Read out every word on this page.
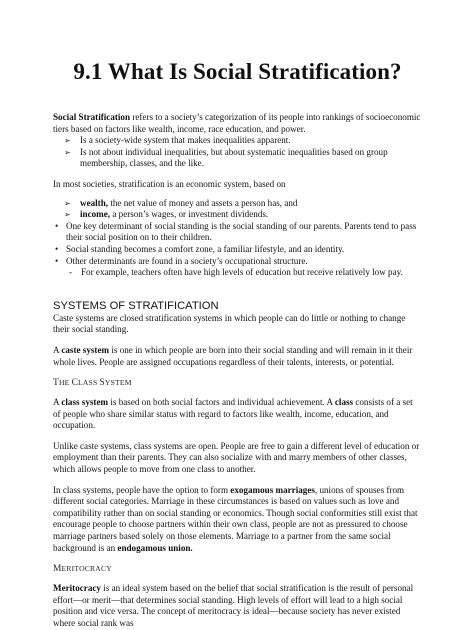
9.1 What Is Social Stratification?

Social Stratification refers to a society’s categorization of its people into rankings of socioeconomic tiers based on factors like wealth, income, race education, and power.

➢ Is a society-wide system that makes inequalities apparent.
➢ Is not about individual inequalities, but about systematic inequalities based on group membership, classes, and the like.

In most societies, stratification is an economic system, based on

➢ wealth, the net value of money and assets a person has, and
➢ income, a person’s wages, or investment dividends.
• One key determinant of social standing is the social standing of our parents. Parents tend to pass their social position on to their children.
• Social standing becomes a comfort zone, a familiar lifestyle, and an identity.
• Other determinants are found in a society’s occupational structure.
- For example, teachers often have high levels of education but receive relatively low pay.
SYSTEMS OF STRATIFICATION

Caste systems are closed stratification systems in which people can do little or nothing to change their social standing.

A caste system is one in which people are born into their social standing and will remain in it their whole lives. People are assigned occupations regardless of their talents, interests, or potential.

THE CLASS SYSTEM

A class system is based on both social factors and individual achievement. A class consists of a set of people who share similar status with regard to factors like wealth, income, education, and occupation.

Unlike caste systems, class systems are open. People are free to gain a different level of education or employment than their parents. They can also socialize with and marry members of other classes, which allows people to move from one class to another.

In class systems, people have the option to form exogamous marriages, unions of spouses from different social categories. Marriage in these circumstances is based on values such as love and compatibility rather than on social standing or economics. Though social conformities still exist that encourage people to choose partners within their own class, people are not as pressured to choose marriage partners based solely on those elements. Marriage to a partner from the same social background is an endogamous union.

MERITOCRACY

Meritocracy is an ideal system based on the belief that social stratification is the result of personal effort—or merit—that determines social standing. High levels of effort will lead to a high social position and vice versa. The concept of meritocracy is ideal—because society has never existed where social rank was
